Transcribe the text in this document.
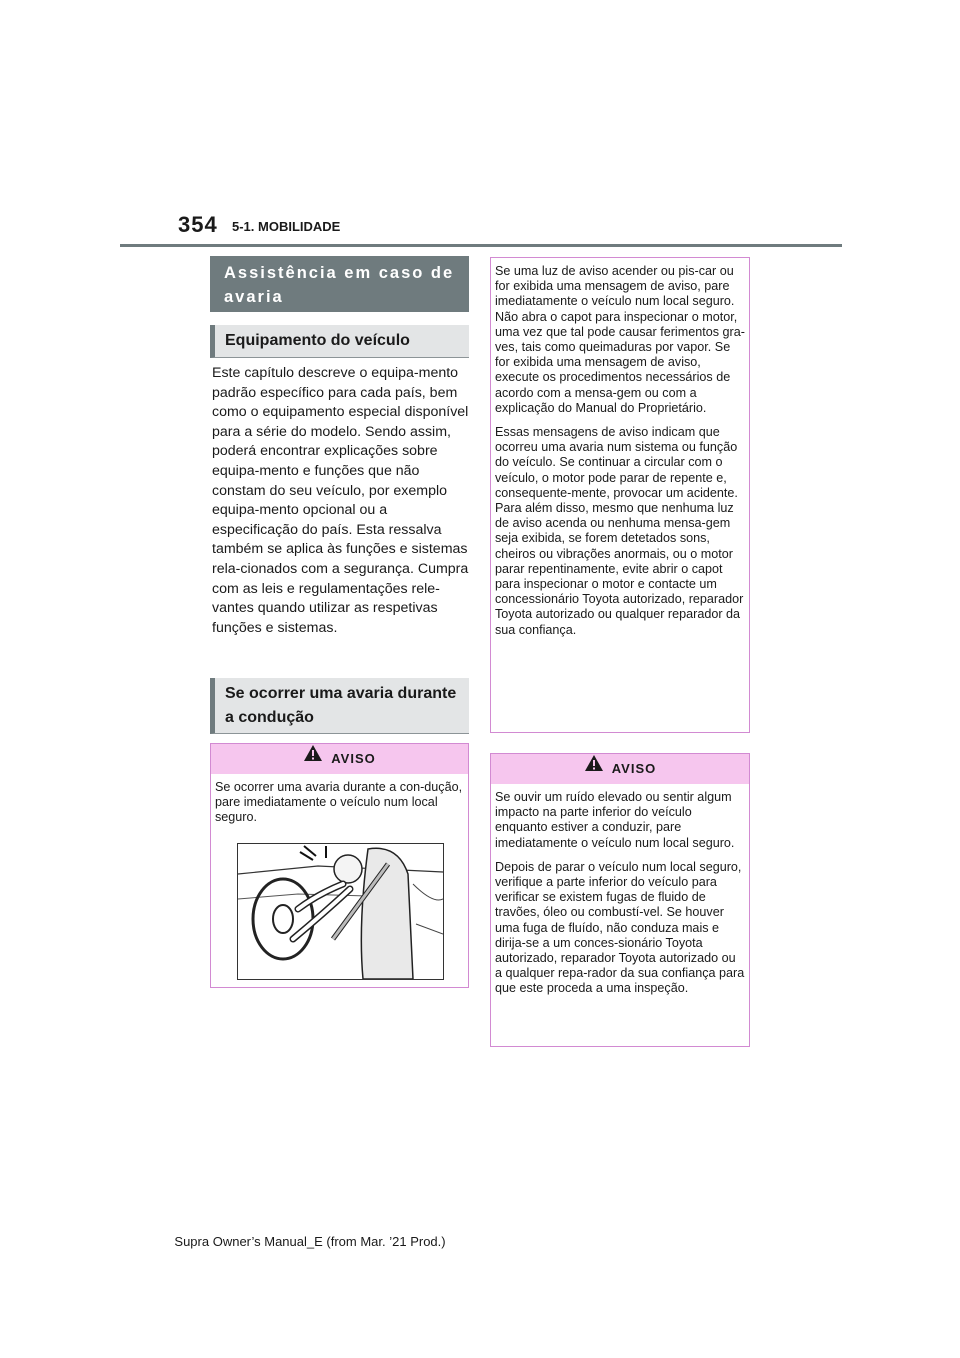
354 5-1. MOBILIDADE
Assistência em caso de avaria
Equipamento do veículo

Este capítulo descreve o equipa-mento padrão específico para cada país, bem como o equipamento especial disponível para a série do modelo. Sendo assim, poderá encontrar explicações sobre equipa-mento e funções que não constam do seu veículo, por exemplo equipa-mento opcional ou a especificação do país. Esta ressalva também se aplica às funções e sistemas rela-cionados com a segurança. Cumpra com as leis e regulamentações rele-vantes quando utilizar as respetivas funções e sistemas.

Se ocorrer uma avaria durante a condução
AVISO

Se ocorrer uma avaria durante a con-dução, pare imediatamente o veículo num local seguro.

Se uma luz de aviso acender ou pis-car ou for exibida uma mensagem de aviso, pare imediatamente o veículo num local seguro. Não abra o capot para inspecionar o motor, uma vez que tal pode causar ferimentos gra-ves, tais como queimaduras por vapor. Se for exibida uma mensagem de aviso, execute os procedimentos necessários de acordo com a mensa-gem ou com a explicação do Manual do Proprietário.

Essas mensagens de aviso indicam que ocorreu uma avaria num sistema ou função do veículo. Se continuar a circular com o veículo, o motor pode parar de repente e, consequente-mente, provocar um acidente. Para além disso, mesmo que nenhuma luz de aviso acenda ou nenhuma mensa-gem seja exibida, se forem detetados sons, cheiros ou vibrações anormais, ou o motor parar repentinamente, evite abrir o capot para inspecionar o motor e contacte um concessionário Toyota autorizado, reparador Toyota autorizado ou qualquer reparador da sua confiança.

AVISO

Se ouvir um ruído elevado ou sentir algum impacto na parte inferior do veículo enquanto estiver a conduzir, pare imediatamente o veículo num local seguro.

Depois de parar o veículo num local seguro, verifique a parte inferior do veículo para verificar se existem fugas de fluido de travões, óleo ou combustí-vel. Se houver uma fuga de fluído, não conduza mais e dirija-se a um conces-sionário Toyota autorizado, reparador Toyota autorizado ou a qualquer repa-rador da sua confiança para que este proceda a uma inspeção.

Supra Owner’s Manual_E (from Mar. ’21 Prod.)
